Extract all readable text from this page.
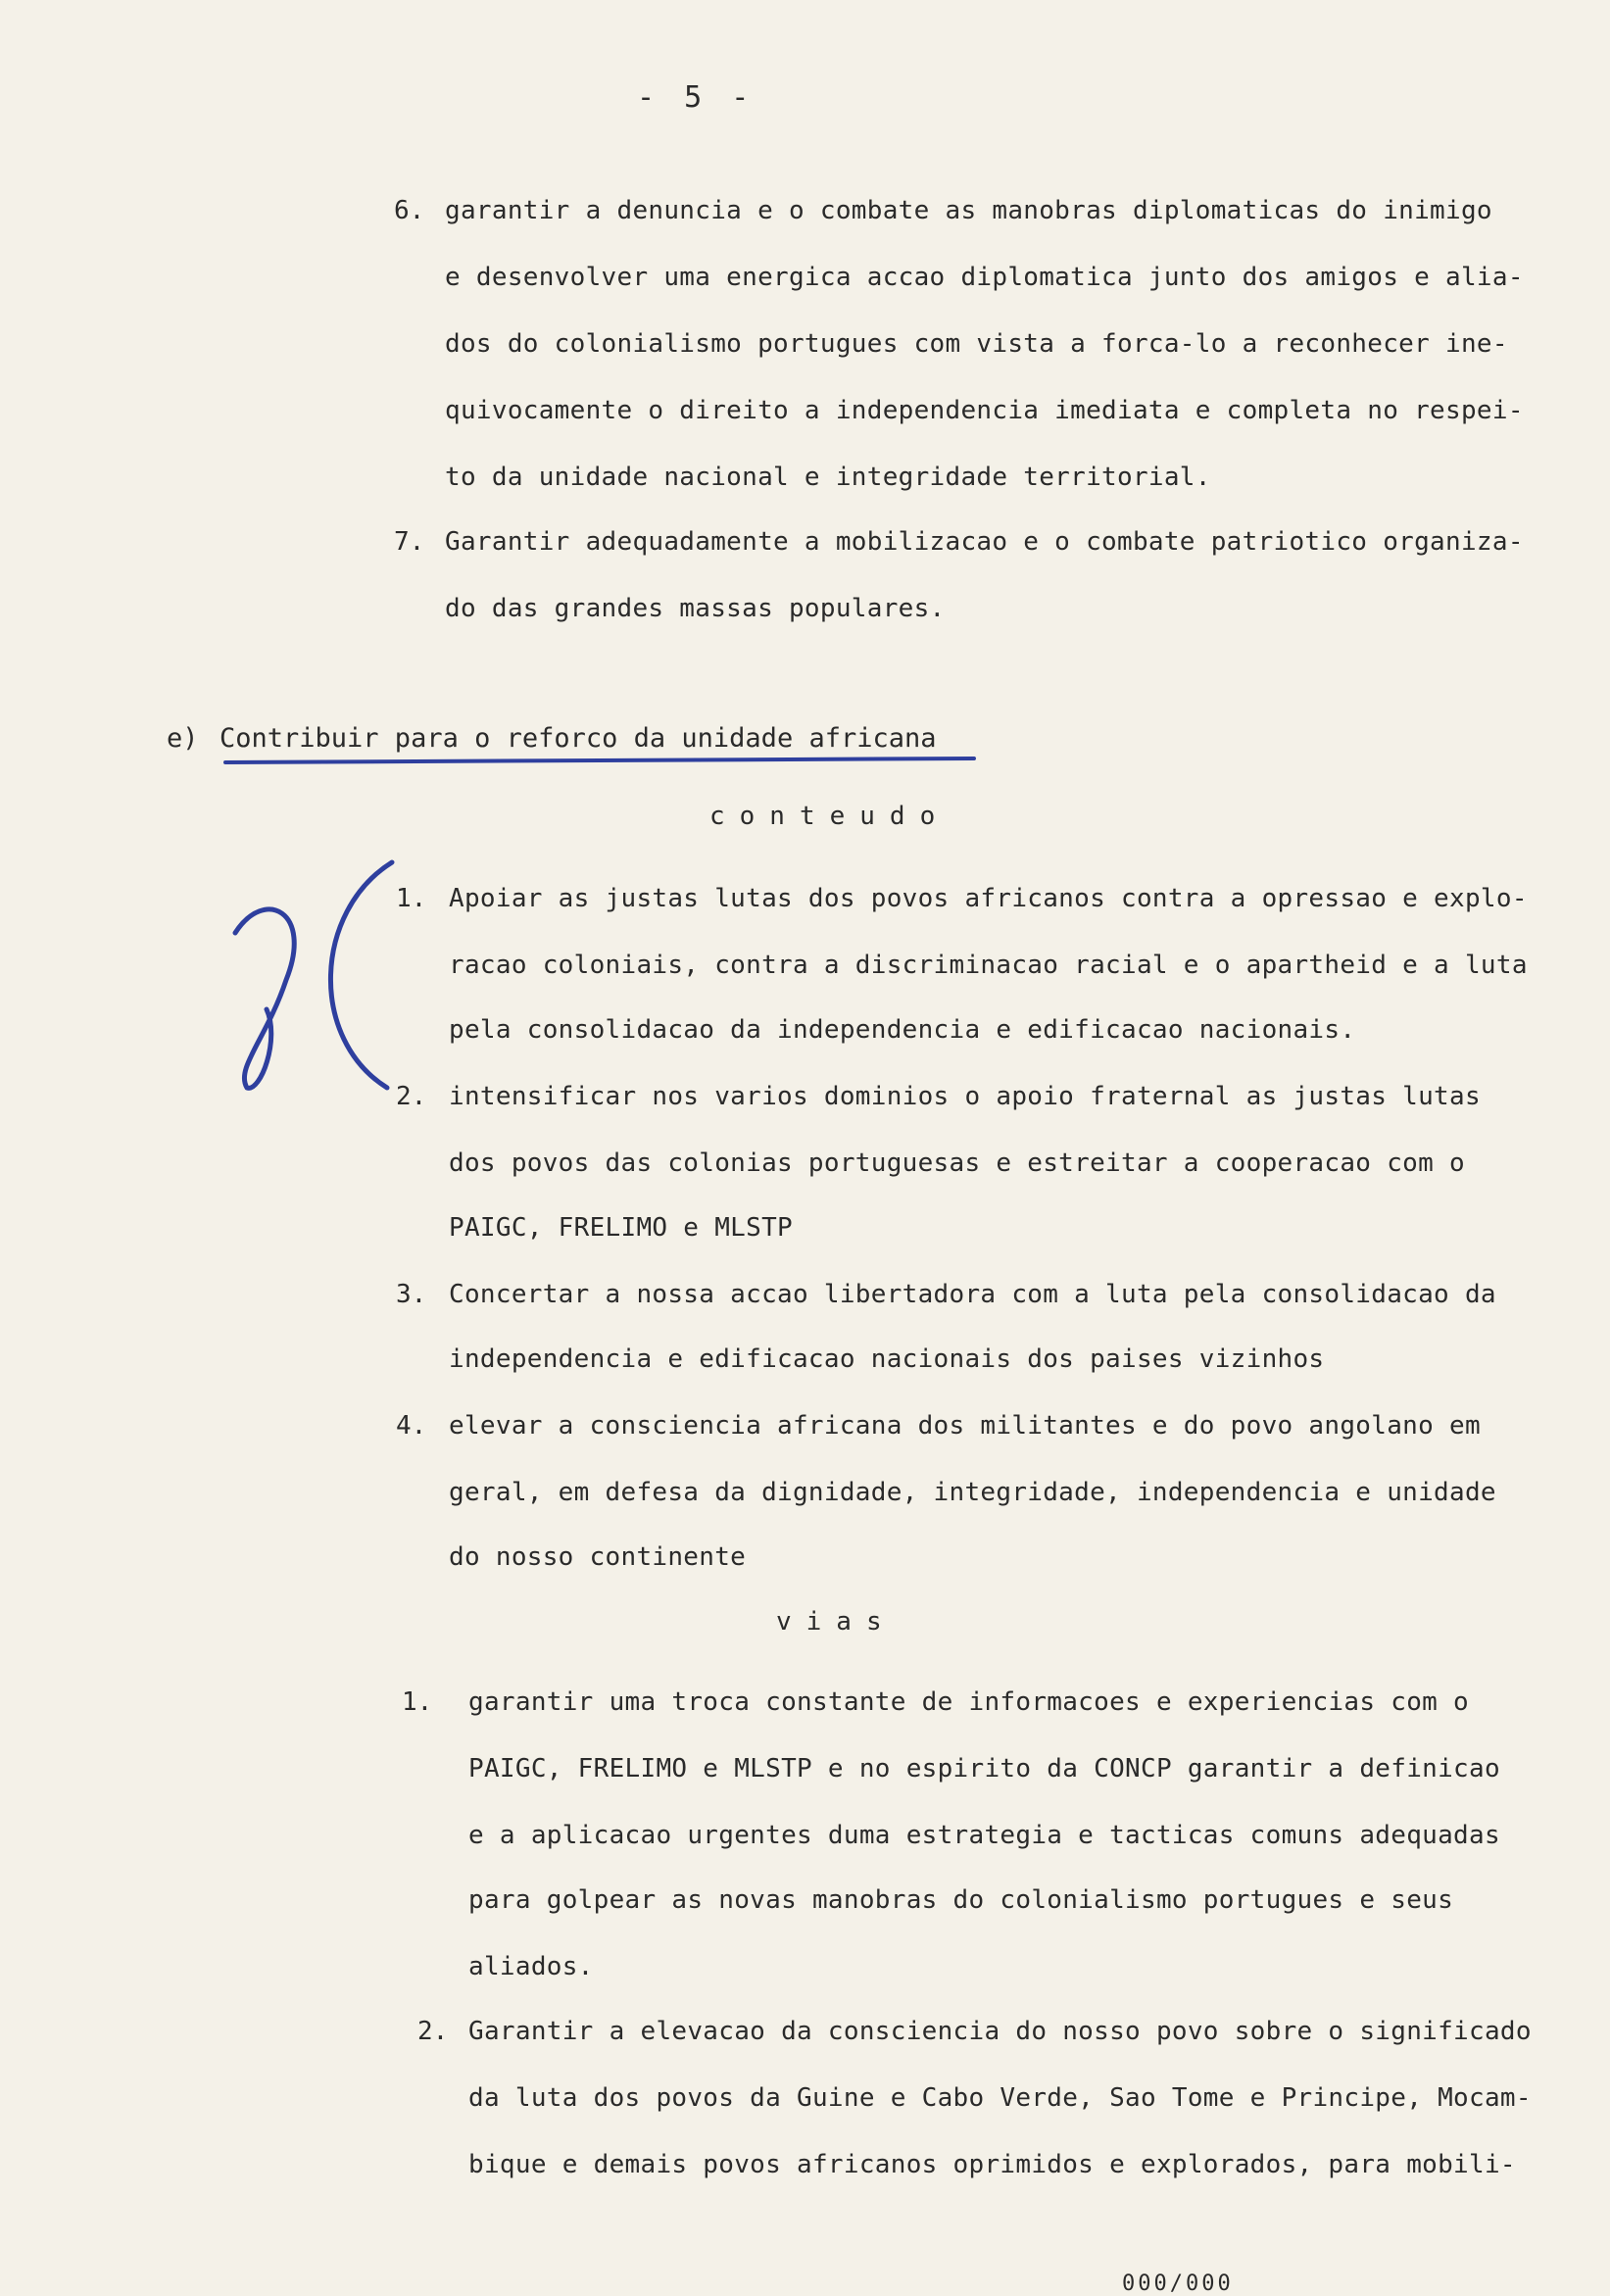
- 5 -
6. garantir a denuncia e o combate as manobras diplomaticas do inimigo
e desenvolver uma energica accao diplomatica junto dos amigos e alia-
dos do colonialismo portugues com vista a forca-lo a reconhecer ine-
quivocamente o direito a independencia imediata e completa no respei-
to da unidade nacional e integridade territorial.
7. Garantir adequadamente a mobilizacao e o combate patriotico organiza-
do das grandes massas populares.
e) Contribuir para o reforco da unidade africana
conteudo
1. Apoiar as justas lutas dos povos africanos contra a opressao e explo-
racao coloniais, contra a discriminacao racial e o apartheid e a luta
pela consolidacao da independencia e edificacao nacionais.
2. intensificar nos varios dominios o apoio fraternal as justas lutas
dos povos das colonias portuguesas e estreitar a cooperacao com o
PAIGC, FRELIMO e MLSTP
3. Concertar a nossa accao libertadora com a luta pela consolidacao da
independencia e edificacao nacionais dos paises vizinhos
4. elevar a consciencia africana dos militantes e do povo angolano em
geral, em defesa da dignidade, integridade, independencia e unidade
do nosso continente
vias
1. garantir uma troca constante de informacoes e experiencias com o
PAIGC, FRELIMO e MLSTP e no espirito da CONCP garantir a definicao
e a aplicacao urgentes duma estrategia e tacticas comuns adequadas
para golpear as novas manobras do colonialismo portugues e seus
aliados.
2. Garantir a elevacao da consciencia do nosso povo sobre o significado
da luta dos povos da Guine e Cabo Verde, Sao Tome e Principe, Mocam-
bique e demais povos africanos oprimidos e explorados, para mobili-
000/000
